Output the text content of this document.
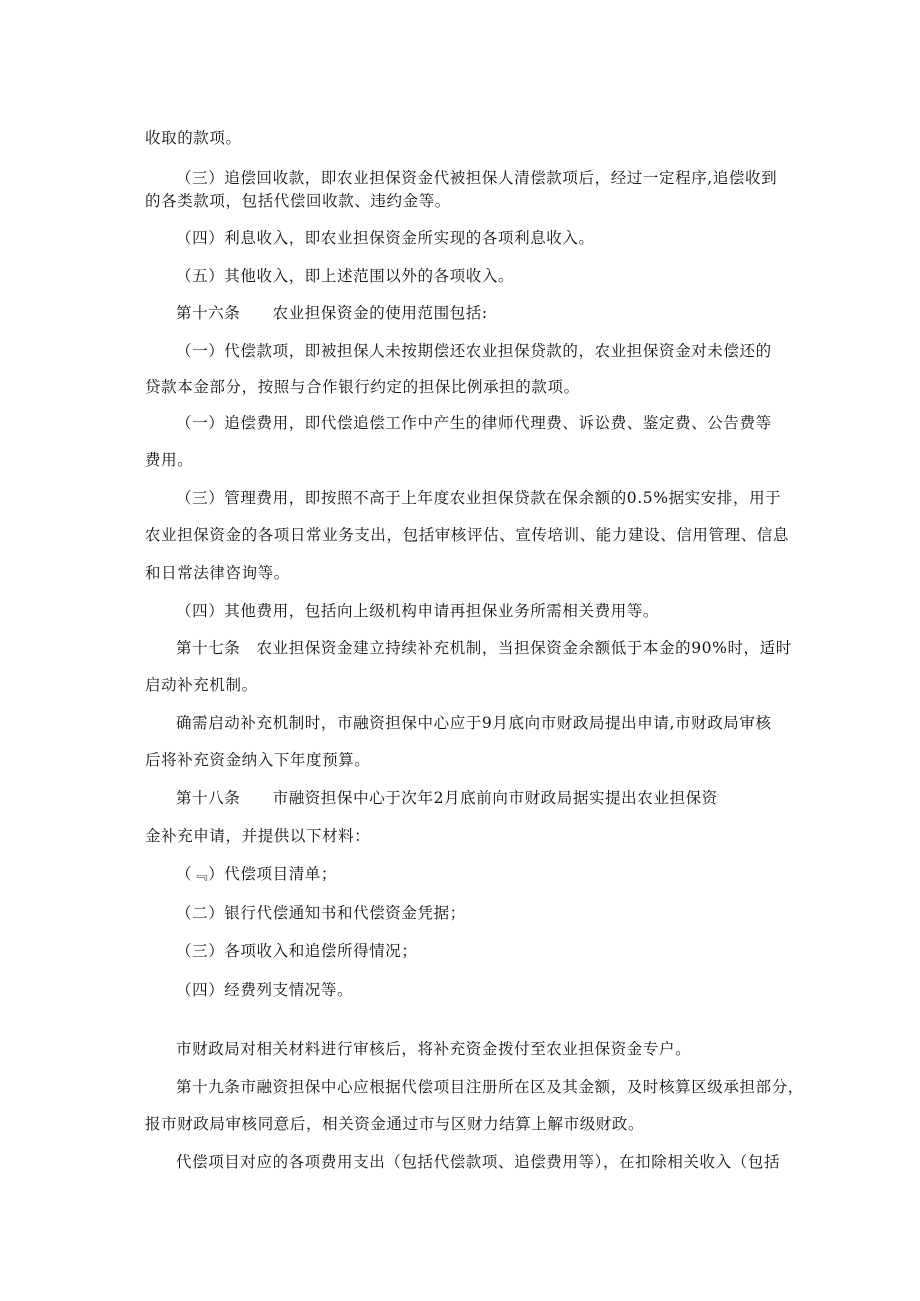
收取的款项。
（三）追偿回收款，即农业担保资金代被担保人清偿款项后，经过一定程序,追偿收到
的各类款项，包括代偿回收款、违约金等。
（四）利息收入，即农业担保资金所实现的各项利息收入。
（五）其他收入，即上述范围以外的各项收入。
第十六条　　农业担保资金的使用范围包括:
（一）代偿款项，即被担保人未按期偿还农业担保贷款的，农业担保资金对未偿还的
贷款本金部分，按照与合作银行约定的担保比例承担的款项。
（一）追偿费用，即代偿追偿工作中产生的律师代理费、诉讼费、鉴定费、公告费等
费用。
（三）管理费用，即按照不高于上年度农业担保贷款在保余额的0.5%据实安排，用于
农业担保资金的各项日常业务支出，包括审核评估、宣传培训、能力建设、信用管理、信息
和日常法律咨询等。
（四）其他费用，包括向上级机构申请再担保业务所需相关费用等。
第十七条　农业担保资金建立持续补充机制，当担保资金余额低于本金的90%时，适时
启动补充机制。
确需启动补充机制时，市融资担保中心应于9月底向市财政局提出申请,市财政局审核
后将补充资金纳入下年度预算。
第十八条　　市融资担保中心于次年2月底前向市财政局据实提出农业担保资
金补充申请，并提供以下材料：
（﹃）代偿项目清单；
（二）银行代偿通知书和代偿资金凭据；
（三）各项收入和追偿所得情况；
（四）经费列支情况等。
市财政局对相关材料进行审核后，将补充资金拨付至农业担保资金专户。
第十九条市融资担保中心应根据代偿项目注册所在区及其金额，及时核算区级承担部分，
报市财政局审核同意后，相关资金通过市与区财力结算上解市级财政。
代偿项目对应的各项费用支出（包括代偿款项、追偿费用等），在扣除相关收入（包括
